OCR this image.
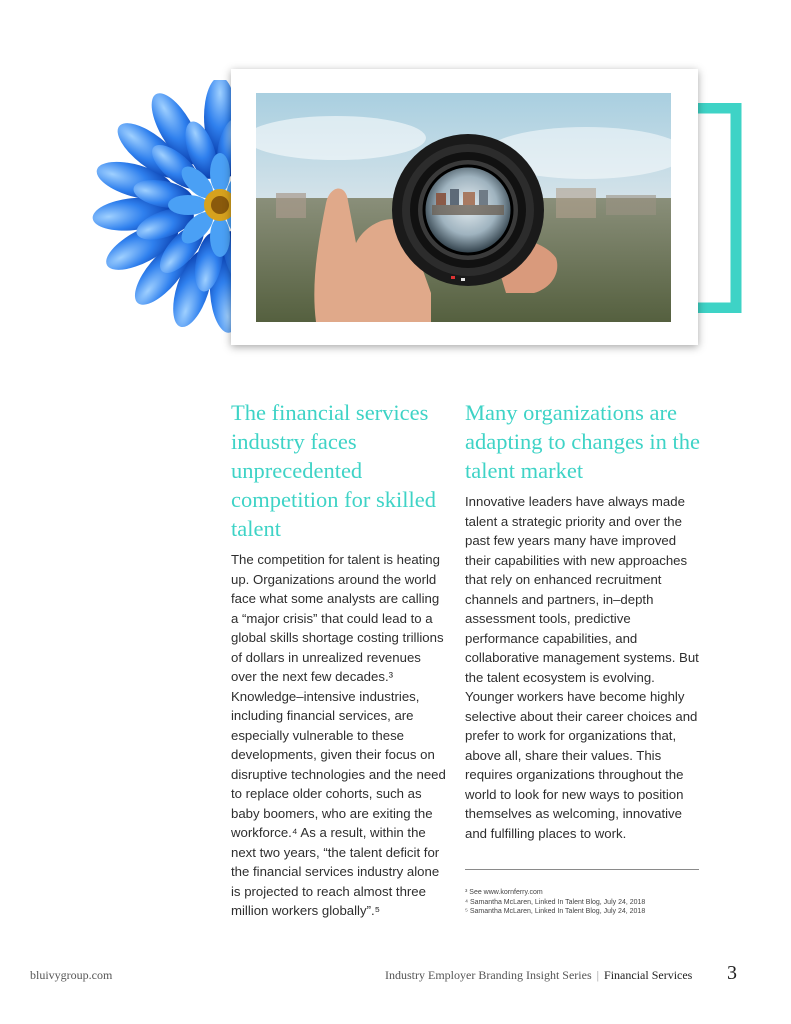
The financial services industry faces unprecedented competition for skilled talent

The competition for talent is heating up. Organizations around the world face what some analysts are calling a “major crisis” that could lead to a global skills shortage costing trillions of dollars in unrealized revenues over the next few decades.³ Knowledge–intensive industries, including financial services, are especially vulnerable to these developments, given their focus on disruptive technologies and the need to replace older cohorts, such as baby boomers, who are exiting the workforce.⁴ As a result, within the next two years, “the talent deficit for the financial services industry alone is projected to reach almost three million workers globally”.⁵

Many organizations are adapting to changes in the talent market

Innovative leaders have always made talent a strategic priority and over the past few years many have improved their capabilities with new approaches that rely on enhanced recruitment channels and partners, in–depth assessment tools, predictive performance capabilities, and collaborative management systems. But the talent ecosystem is evolving. Younger workers have become highly selective about their career choices and prefer to work for organizations that, above all, share their values. This requires organizations throughout the world to look for new ways to position themselves as welcoming, innovative and fulfilling places to work.

³ See www.kornferry.com
⁴ Samantha McLaren, Linked In Talent Blog, July 24, 2018
⁵ Samantha McLaren, Linked In Talent Blog, July 24, 2018
bluivygroup.com	Industry Employer Branding Insight Series | Financial Services 3
